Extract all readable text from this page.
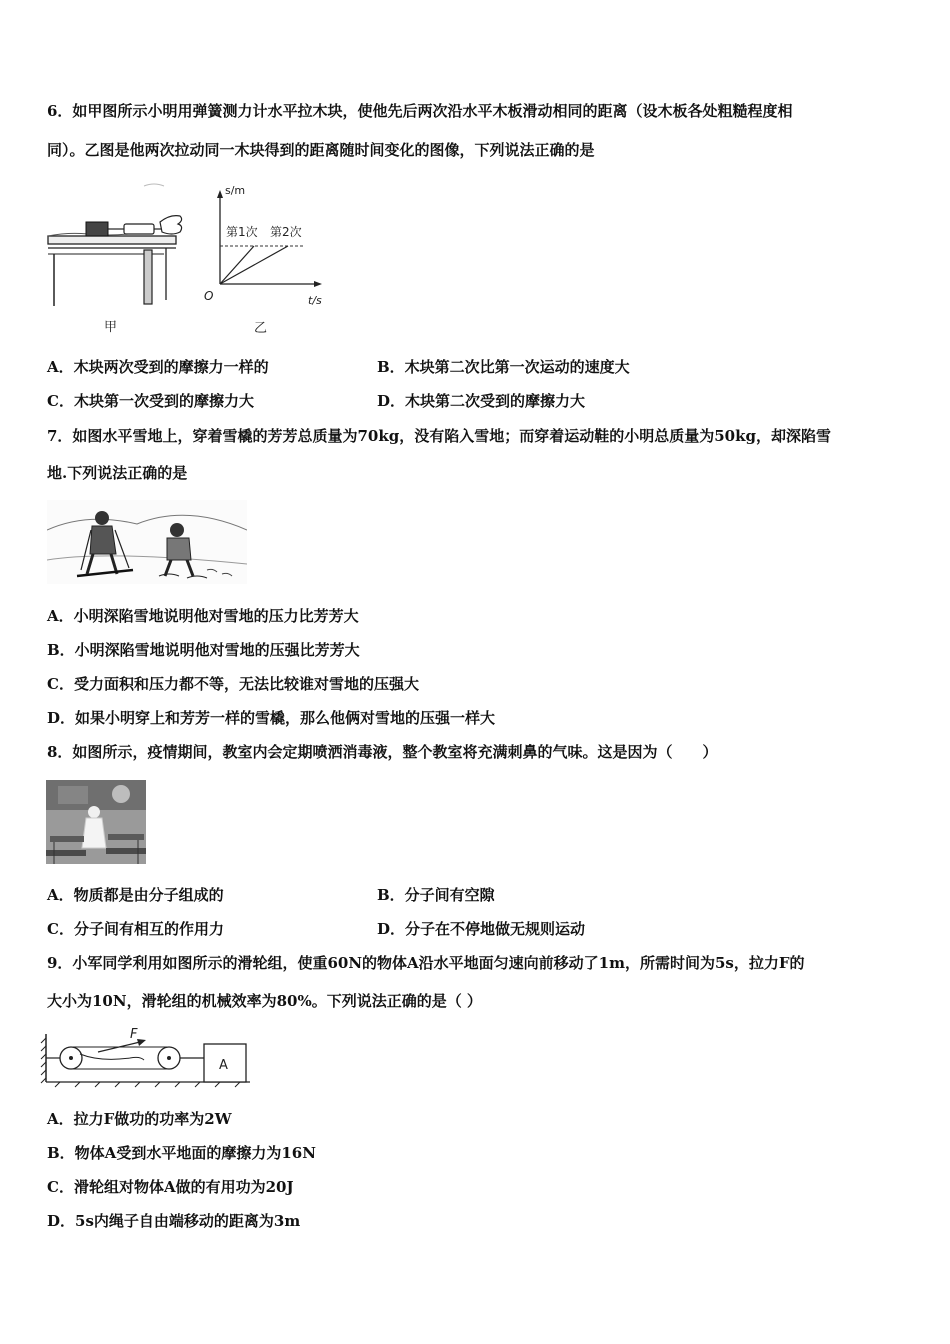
6．如甲图所示小明用弹簧测力计水平拉木块，使他先后两次沿水平木板滑动相同的距离（设木板各处粗糙程度相
同）。乙图是他两次拉动同一木块得到的距离随时间变化的图像，下列说法正确的是
甲
s/m
t/s
O
第1次 第2次
乙
A．木块两次受到的摩擦力一样的	B．木块第二次比第一次运动的速度大
C．木块第一次受到的摩擦力大	D．木块第二次受到的摩擦力大
7．如图水平雪地上，穿着雪橇的芳芳总质量为70kg，没有陷入雪地；而穿着运动鞋的小明总质量为50kg，却深陷雪
地.下列说法正确的是
A．小明深陷雪地说明他对雪地的压力比芳芳大
B．小明深陷雪地说明他对雪地的压强比芳芳大
C．受力面积和压力都不等，无法比较谁对雪地的压强大
D．如果小明穿上和芳芳一样的雪橇，那么他俩对雪地的压强一样大
8．如图所示，疫情期间，教室内会定期喷洒消毒液，整个教室将充满刺鼻的气味。这是因为（　　）
A．物质都是由分子组成的	B．分子间有空隙
C．分子间有相互的作用力	D．分子在不停地做无规则运动
9．小军同学利用如图所示的滑轮组，使重60N的物体A沿水平地面匀速向前移动了1m，所需时间为5s，拉力F的
大小为10N，滑轮组的机械效率为80%。下列说法正确的是（ ）
F
A
A．拉力F做功的功率为2W
B．物体A受到水平地面的摩擦力为16N
C．滑轮组对物体A做的有用功为20J
D．5s内绳子自由端移动的距离为3m
